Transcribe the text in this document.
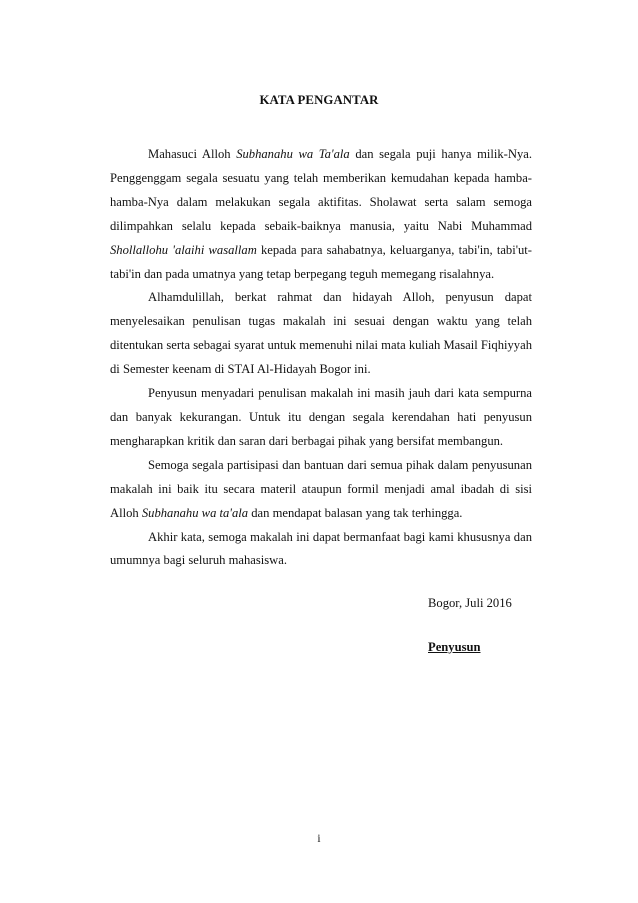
KATA PENGANTAR

Mahasuci Alloh Subhanahu wa Ta'ala dan segala puji hanya milik-Nya. Penggenggam segala sesuatu yang telah memberikan kemudahan kepada hamba-hamba-Nya dalam melakukan segala aktifitas. Sholawat serta salam semoga dilimpahkan selalu kepada sebaik-baiknya manusia, yaitu Nabi Muhammad Shollallohu 'alaihi wasallam kepada para sahabatnya, keluarganya, tabi'in, tabi'ut-tabi'in dan pada umatnya yang tetap berpegang teguh memegang risalahnya.

Alhamdulillah, berkat rahmat dan hidayah Alloh, penyusun dapat menyelesaikan penulisan tugas makalah ini sesuai dengan waktu yang telah ditentukan serta sebagai syarat untuk memenuhi nilai mata kuliah Masail Fiqhiyyah di Semester keenam di STAI Al-Hidayah Bogor ini.

Penyusun menyadari penulisan makalah ini masih jauh dari kata sempurna dan banyak kekurangan. Untuk itu dengan segala kerendahan hati penyusun mengharapkan kritik dan saran dari berbagai pihak yang bersifat membangun.

Semoga segala partisipasi dan bantuan dari semua pihak dalam penyusunan makalah ini baik itu secara materil ataupun formil menjadi amal ibadah di sisi Alloh Subhanahu wa ta'ala dan mendapat balasan yang tak terhingga.

Akhir kata, semoga makalah ini dapat bermanfaat bagi kami khususnya dan umumnya bagi seluruh mahasiswa.

Bogor, Juli 2016
Penyusun
i
